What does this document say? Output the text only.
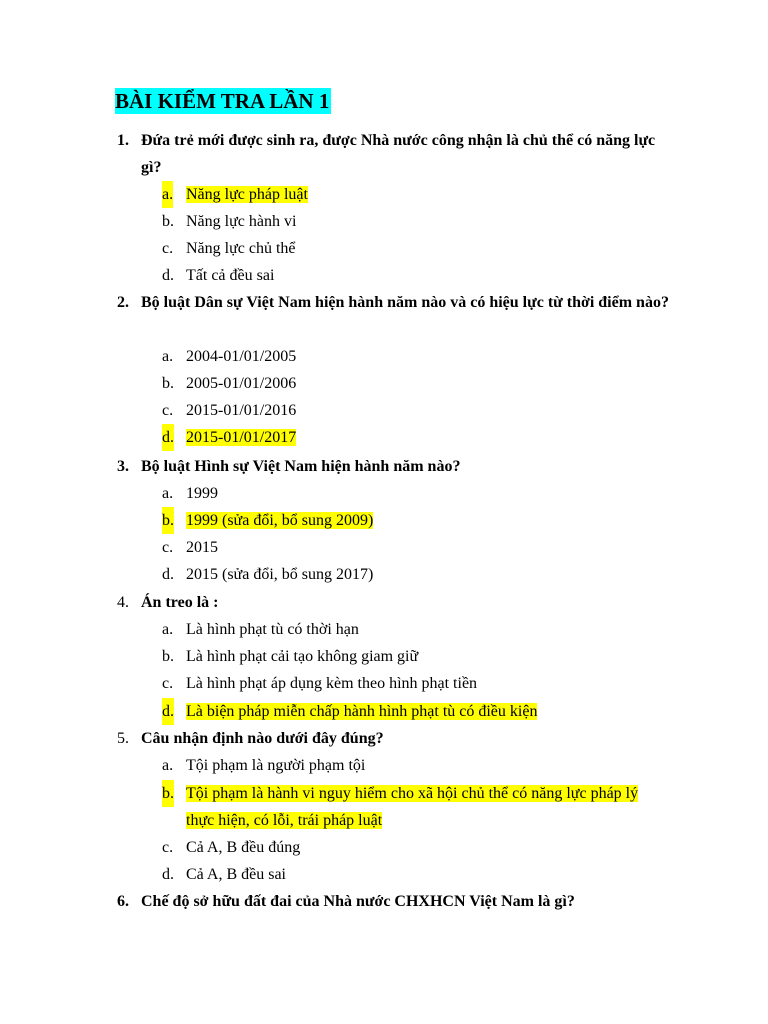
BÀI KIỂM TRA LẦN 1
1. Đứa trẻ mới được sinh ra, được Nhà nước công nhận là chủ thể có năng lực gì?
a. Năng lực pháp luật
b. Năng lực hành vi
c. Năng lực chủ thể
d. Tất cả đều sai
2. Bộ luật Dân sự Việt Nam hiện hành năm nào và có hiệu lực từ thời điểm nào?
a. 2004-01/01/2005
b. 2005-01/01/2006
c. 2015-01/01/2016
d. 2015-01/01/2017
3. Bộ luật Hình sự Việt Nam hiện hành năm nào?
a. 1999
b. 1999 (sửa đổi, bổ sung 2009)
c. 2015
d. 2015 (sửa đổi, bổ sung 2017)
4. Án treo là :
a. Là hình phạt tù có thời hạn
b. Là hình phạt cải tạo không giam giữ
c. Là hình phạt áp dụng kèm theo hình phạt tiền
d. Là biện pháp miễn chấp hành hình phạt tù có điều kiện
5. Câu nhận định nào dưới đây đúng?
a. Tội phạm là người phạm tội
b. Tội phạm là hành vi nguy hiểm cho xã hội chủ thể có năng lực pháp lý
thực hiện, có lỗi, trái pháp luật
c. Cả A, B đều đúng
d. Cả A, B đều sai
6. Chế độ sở hữu đất đai của Nhà nước CHXHCN Việt Nam là gì?
